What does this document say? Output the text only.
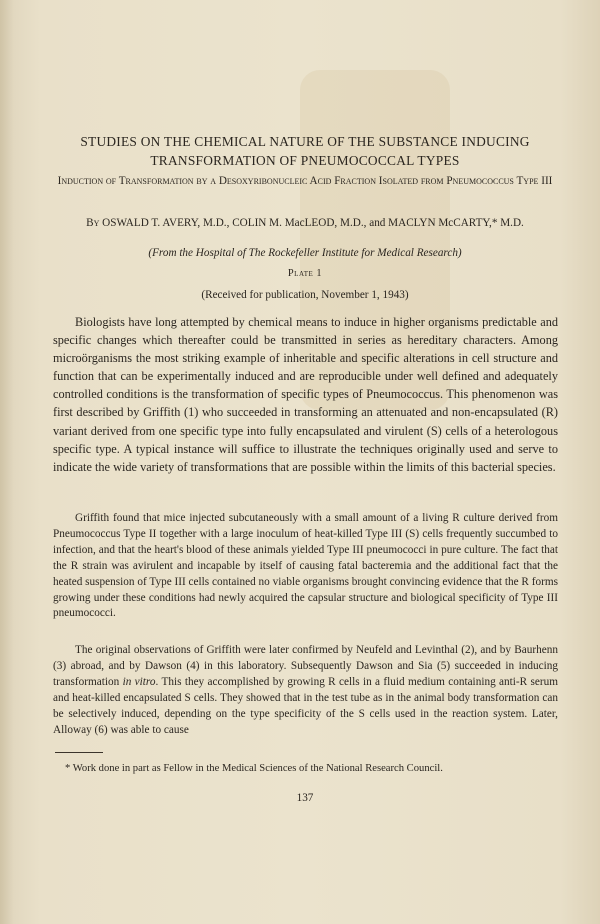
STUDIES ON THE CHEMICAL NATURE OF THE SUBSTANCE INDUCING TRANSFORMATION OF PNEUMOCOCCAL TYPES
Induction of Transformation by a Desoxyribonucleic Acid Fraction Isolated from Pneumococcus Type III
By OSWALD T. AVERY, M.D., COLIN M. MacLEOD, M.D., and MACLYN McCARTY,* M.D.
(From the Hospital of The Rockefeller Institute for Medical Research)
Plate 1
(Received for publication, November 1, 1943)

Biologists have long attempted by chemical means to induce in higher organisms predictable and specific changes which thereafter could be transmitted in series as hereditary characters. Among microörganisms the most striking example of inheritable and specific alterations in cell structure and function that can be experimentally induced and are reproducible under well defined and adequately controlled conditions is the transformation of specific types of Pneumococcus. This phenomenon was first described by Griffith (1) who succeeded in transforming an attenuated and non-encapsulated (R) variant derived from one specific type into fully encapsulated and virulent (S) cells of a heterologous specific type. A typical instance will suffice to illustrate the techniques originally used and serve to indicate the wide variety of transformations that are possible within the limits of this bacterial species.

Griffith found that mice injected subcutaneously with a small amount of a living R culture derived from Pneumococcus Type II together with a large inoculum of heat-killed Type III (S) cells frequently succumbed to infection, and that the heart's blood of these animals yielded Type III pneumococci in pure culture. The fact that the R strain was avirulent and incapable by itself of causing fatal bacteremia and the additional fact that the heated suspension of Type III cells contained no viable organisms brought convincing evidence that the R forms growing under these conditions had newly acquired the capsular structure and biological specificity of Type III pneumococci.

The original observations of Griffith were later confirmed by Neufeld and Levinthal (2), and by Baurhenn (3) abroad, and by Dawson (4) in this laboratory. Subsequently Dawson and Sia (5) succeeded in inducing transformation in vitro. This they accomplished by growing R cells in a fluid medium containing anti-R serum and heat-killed encapsulated S cells. They showed that in the test tube as in the animal body transformation can be selectively induced, depending on the type specificity of the S cells used in the reaction system. Later, Alloway (6) was able to cause

* Work done in part as Fellow in the Medical Sciences of the National Research Council.
137
